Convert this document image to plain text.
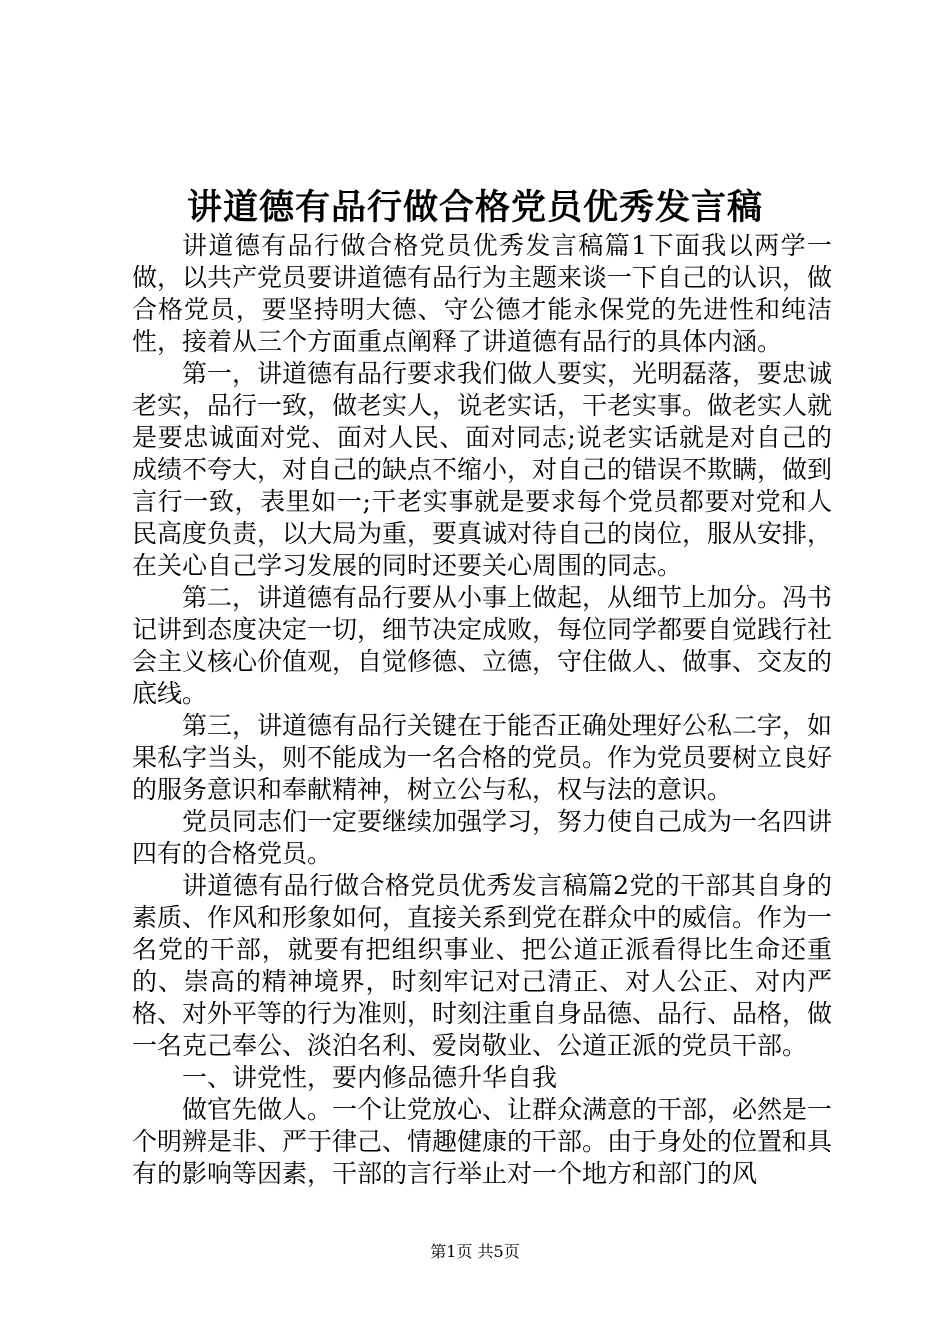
讲道德有品行做合格党员优秀发言稿

讲道德有品行做合格党员优秀发言稿篇1下面我以两学一做，以共产党员要讲道德有品行为主题来谈一下自己的认识，做合格党员，要坚持明大德、守公德才能永保党的先进性和纯洁性，接着从三个方面重点阐释了讲道德有品行的具体内涵。

第一，讲道德有品行要求我们做人要实，光明磊落，要忠诚老实，品行一致，做老实人，说老实话，干老实事。做老实人就是要忠诚面对党、面对人民、面对同志;说老实话就是对自己的成绩不夸大，对自己的缺点不缩小，对自己的错误不欺瞒，做到言行一致，表里如一;干老实事就是要求每个党员都要对党和人民高度负责，以大局为重，要真诚对待自己的岗位，服从安排，在关心自己学习发展的同时还要关心周围的同志。

第二，讲道德有品行要从小事上做起，从细节上加分。冯书记讲到态度决定一切，细节决定成败，每位同学都要自觉践行社会主义核心价值观，自觉修德、立德，守住做人、做事、交友的底线。

第三，讲道德有品行关键在于能否正确处理好公私二字，如果私字当头，则不能成为一名合格的党员。作为党员要树立良好的服务意识和奉献精神，树立公与私，权与法的意识。

党员同志们一定要继续加强学习，努力使自己成为一名四讲四有的合格党员。

讲道德有品行做合格党员优秀发言稿篇2党的干部其自身的素质、作风和形象如何，直接关系到党在群众中的威信。作为一名党的干部，就要有把组织事业、把公道正派看得比生命还重的、崇高的精神境界，时刻牢记对己清正、对人公正、对内严格、对外平等的行为准则，时刻注重自身品德、品行、品格，做一名克己奉公、淡泊名利、爱岗敬业、公道正派的党员干部。

一、讲党性，要内修品德升华自我

做官先做人。一个让党放心、让群众满意的干部，必然是一个明辨是非、严于律己、情趣健康的干部。由于身处的位置和具有的影响等因素，干部的言行举止对一个地方和部门的风

第1页 共5页
